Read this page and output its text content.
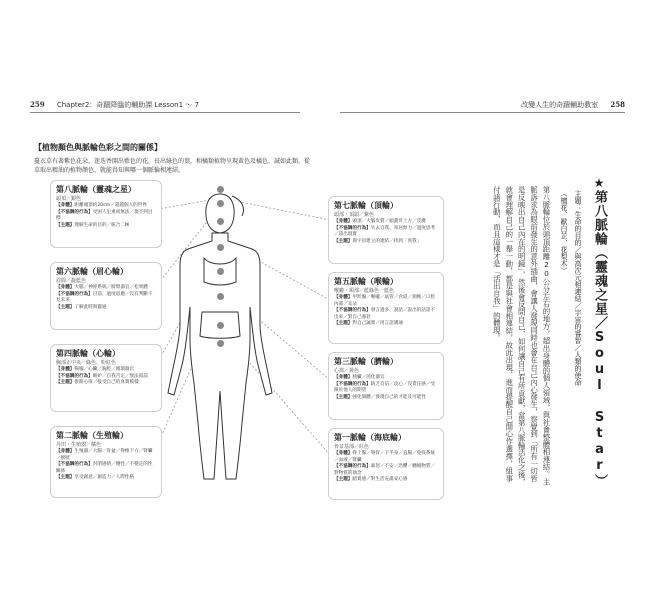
259 Chapter2：奇蹟降臨的輔助課 Lesson1 ～ 7	改變人生的奇蹟輔助教室 258
【植物顏色與脈輪色彩之間的關係】
蔓衣草有著紫色花朵，迷迭香開出藍色的花，長出綠色的葉，相橘類植物呈現黃色及橘色，誠如此類，從草取出精油的植物顏色，就能得知與哪一個脈輪相連結。
第八脈輪（靈魂之星）
頭頂／銀色
【身體】距離頭頂約20cm／超越個人的世界
【不協調的行為】受困人生重而無法／現不到目標
【主題】理解生命的目的／統合二極
第六脈輪（眉心輪）
眉間／靛藍色
【身體】大腦／神經系統／膀臂器官／松果體
【不協調的行為】目前、過度思慮／沒有判斷不見未來
【主題】了解此時與靈通
第四脈輪（心輪）
胸部正中央／綠色、粉紅色
【身體】胸腺／心臟／胸腔／循環器官
【不協調的行為】嫉妒／自我否定／無法原諒
【主題】推開心扉／接受自己的真實模樣
第二脈輪（生殖輪）
丹田・生殖器／橘色
【身體】生殖器／大腸／骨盆／脊椎下方／腎臟／膀胱
【不協調的行為】封閉感情／優性／不穩定的性關係
【主題】享受創意／創造力／人際性格
第七脈輪（頂輪）
頭部・頂頭／紫色
【身體】頭頂／大腦皮質／頭蓋骨上方／皮膚
【不協調的行為】失去自我、寄居無力／過度思考／超出現實
【主題】與宇宙建立的連結／找到「真我」
第五脈輪（喉輪）
喉嚨・頸部／藍綠色一藍色
【身體】甲狀腺／喉嚨／氣管／食道／頸椎／口腔內部／耳朵
【不協調的行為】發言過多、說話／說出的話語不出來／對自己養甚
【主題】對自己誠實／用言語溝通
第三脈輪（臍輪）
心窩／黃色
【身體】胰臟／消化器官
【不協調的行為】缺乏自信／攻心／沒責任感／受限於他人的期望
【主題】強化個體／發現自己的才能及可能性
第一脈輪（海底輪）
骨盆基部／紅色
【身體】脊上腺／脊骨／下半身／直腸／免疫系統／血液／腎臟
【不協調的行為】暴怒／不安／恐懼／纏繞物質／對物質的執念
【主題】踏實感／對生活充滿安心感
★
第八脈輪（靈魂之星／Soul Star）
主題：生命的目的／與高次元相連結／宇宙的睿智／人類的使命
（檀花、歐白芷、花梨木）
第八脈輪位於頭頂距離20公分左右的地方，超出身體的個人領域，與社會整體相連結。主脈訴求為眼前發生的意外插曲，會讓人發現同時也會在自己內心發生，察覺到「所有一切皆是反映出自己內在的明鏡」，然後會反問自己，如何讓自己有所貢獻，當第八脈輪活化之後，就會理解自己的一舉一動，都是與社會相連結，故此出現，進而提醒自己開心作選擇，組事付諸行動，而且這樣才是「活出自我」的體現。
